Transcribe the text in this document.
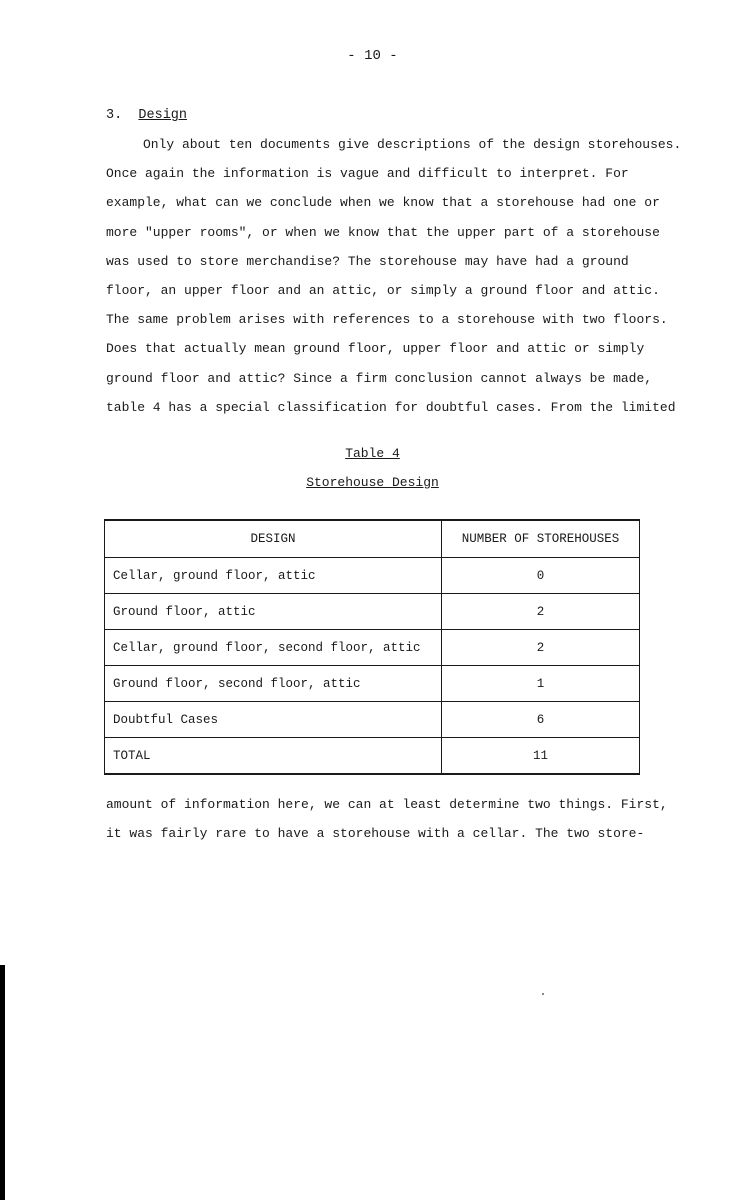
- 10 -
3. Design

Only about ten documents give descriptions of the design storehouses.
Once again the information is vague and difficult to interpret. For
example, what can we conclude when we know that a storehouse had one or
more "upper rooms", or when we know that the upper part of a storehouse
was used to store merchandise? The storehouse may have had a ground
floor, an upper floor and an attic, or simply a ground floor and attic.
The same problem arises with references to a storehouse with two floors.
Does that actually mean ground floor, upper floor and attic or simply
ground floor and attic? Since a firm conclusion cannot always be made,
table 4 has a special classification for doubtful cases. From the limited

Table 4
Storehouse Design
DESIGN	NUMBER OF STOREHOUSES
Cellar, ground floor, attic	0
Ground floor, attic	2
Cellar, ground floor, second floor, attic	2
Ground floor, second floor, attic	1
Doubtful Cases	6
TOTAL	11

amount of information here, we can at least determine two things. First,
it was fairly rare to have a storehouse with a cellar. The two store-
